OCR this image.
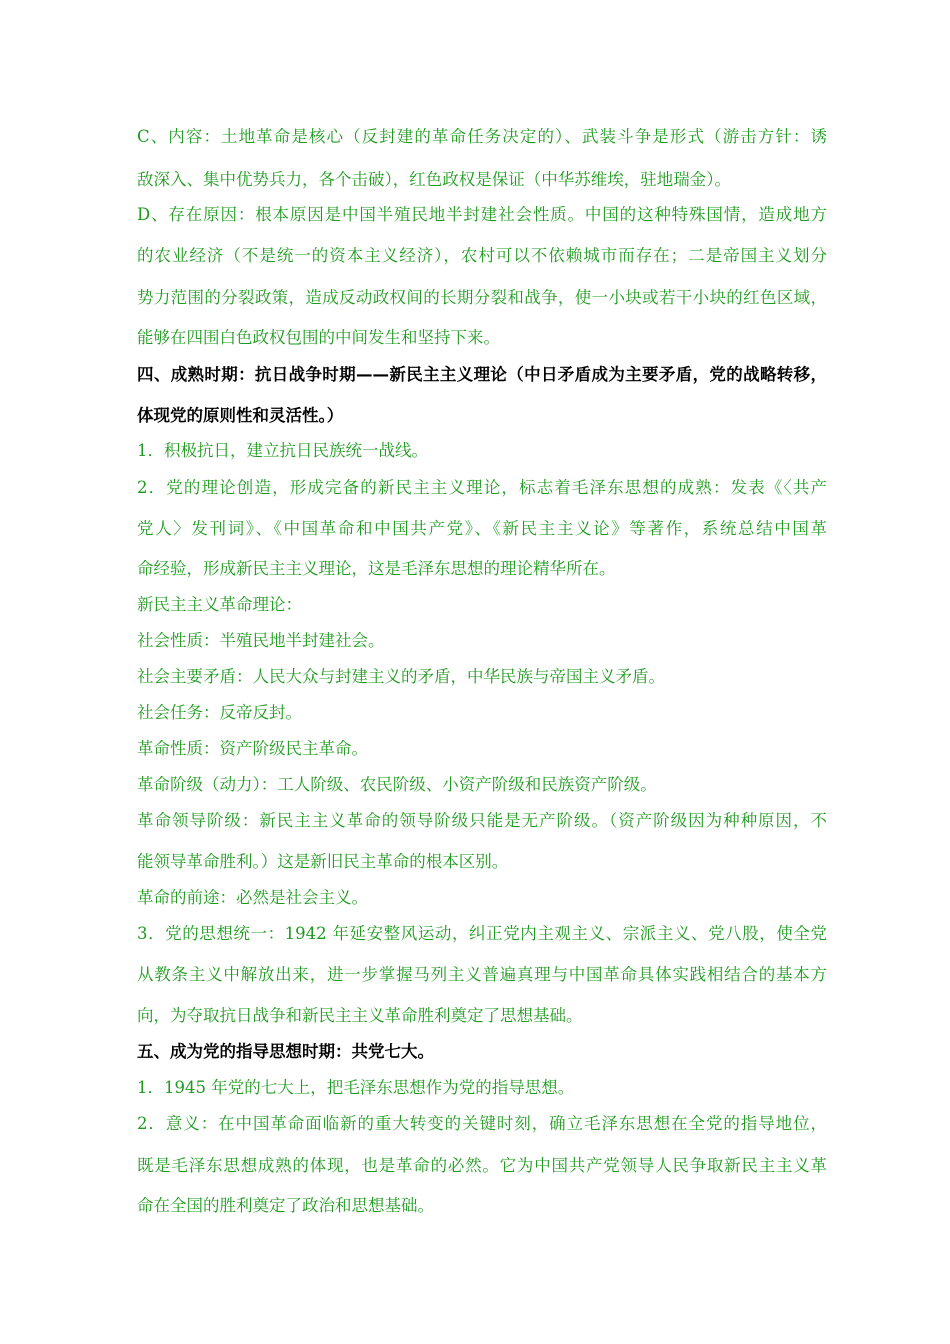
C、内容：土地革命是核心（反封建的革命任务决定的）、武装斗争是形式（游击方针：诱
敌深入、集中优势兵力，各个击破），红色政权是保证（中华苏维埃，驻地瑞金）。
D、存在原因：根本原因是中国半殖民地半封建社会性质。中国的这种特殊国情，造成地方
的农业经济（不是统一的资本主义经济），农村可以不依赖城市而存在；二是帝国主义划分
势力范围的分裂政策，造成反动政权间的长期分裂和战争，使一小块或若干小块的红色区域，
能够在四围白色政权包围的中间发生和坚持下来。
四、成熟时期：抗日战争时期——新民主主义理论（中日矛盾成为主要矛盾，党的战略转移，
体现党的原则性和灵活性。）
1．积极抗日，建立抗日民族统一战线。
2．党的理论创造，形成完备的新民主主义理论，标志着毛泽东思想的成熟：发表《〈共产
党人〉发刊词》、《中国革命和中国共产党》、《新民主主义论》等著作，系统总结中国革
命经验，形成新民主主义理论，这是毛泽东思想的理论精华所在。
新民主主义革命理论：
社会性质：半殖民地半封建社会。
社会主要矛盾：人民大众与封建主义的矛盾，中华民族与帝国主义矛盾。
社会任务：反帝反封。
革命性质：资产阶级民主革命。
革命阶级（动力）：工人阶级、农民阶级、小资产阶级和民族资产阶级。
革命领导阶级：新民主主义革命的领导阶级只能是无产阶级。（资产阶级因为种种原因，不
能领导革命胜利。）这是新旧民主革命的根本区别。
革命的前途：必然是社会主义。
3．党的思想统一：1942 年延安整风运动，纠正党内主观主义、宗派主义、党八股，使全党
从教条主义中解放出来，进一步掌握马列主义普遍真理与中国革命具体实践相结合的基本方
向，为夺取抗日战争和新民主主义革命胜利奠定了思想基础。
五、成为党的指导思想时期：共党七大。
1．1945 年党的七大上，把毛泽东思想作为党的指导思想。
2．意义：在中国革命面临新的重大转变的关键时刻，确立毛泽东思想在全党的指导地位，
既是毛泽东思想成熟的体现，也是革命的必然。它为中国共产党领导人民争取新民主主义革
命在全国的胜利奠定了政治和思想基础。
